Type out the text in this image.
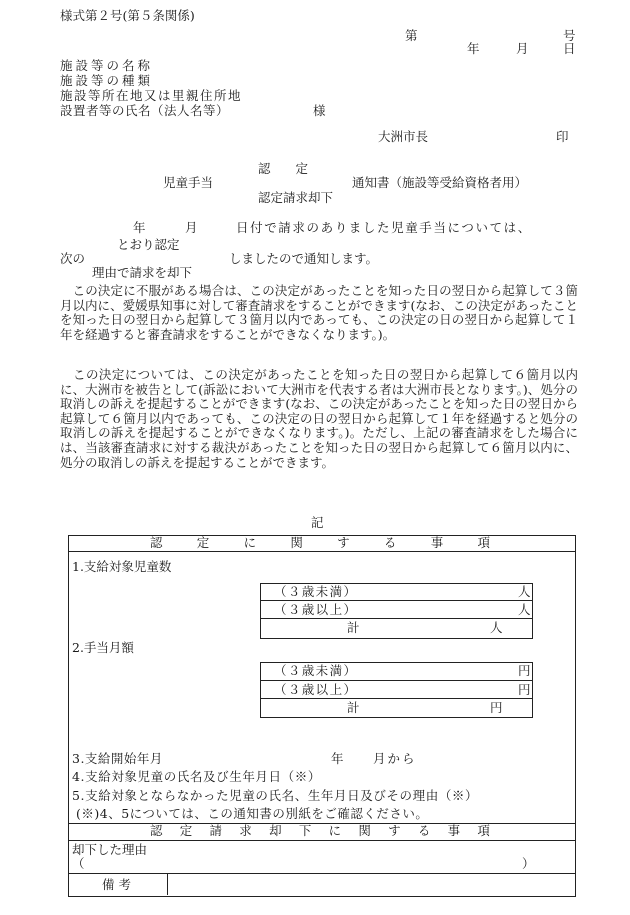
様式第２号(第５条関係)
第	号
年	月	日
施設等の名称
施設等の種類
施設等所在地又は里親住所地
設置者等の氏名（法人名等）	様
大洲市長	印
認　　定
児童手当	通知書（施設等受給資格者用）
認定請求却下
年	月	日付で請求のありました児童手当については、
とおり認定
次の	しましたので通知します。
理由で請求を却下
　この決定に不服がある場合は、この決定があったことを知った日の翌日から起算して３箇月以内に、愛媛県知事に対して審査請求をすることができます(なお、この決定があったことを知った日の翌日から起算して３箇月以内であっても、この決定の日の翌日から起算して１年を経過すると審査請求をすることができなくなります。)。
　この決定については、この決定があったことを知った日の翌日から起算して６箇月以内に、大洲市を被告として(訴訟において大洲市を代表する者は大洲市長となります。)、処分の取消しの訴えを提起することができます(なお、この決定があったことを知った日の翌日から起算して６箇月以内であっても、この決定の日の翌日から起算して１年を経過すると処分の取消しの訴えを提起することができなくなります。)。ただし、上記の審査請求をした場合には、当該審査請求に対する裁決があったことを知った日の翌日から起算して６箇月以内に、処分の取消しの訴えを提起することができます。
記
認	定	に	関	す	る	事	項
1.支給対象児童数
（ ３ 歳 未 満 ）	人
（ ３ 歳 以 上 ）	人
計	人
2.手当月額
（ ３ 歳 未 満 ）	円
（ ３ 歳 以 上 ）	円
計	円
3.支給開始年月	年 月から
4.支給対象児童の氏名及び生年月日（※）
5.支給対象とならなかった児童の氏名、生年月日及びその理由（※）
(※)4、5については、この通知書の別紙をご確認ください。
認 定 請 求 却 下 に 関 す る 事 項
却下した理由
（	）
備考
